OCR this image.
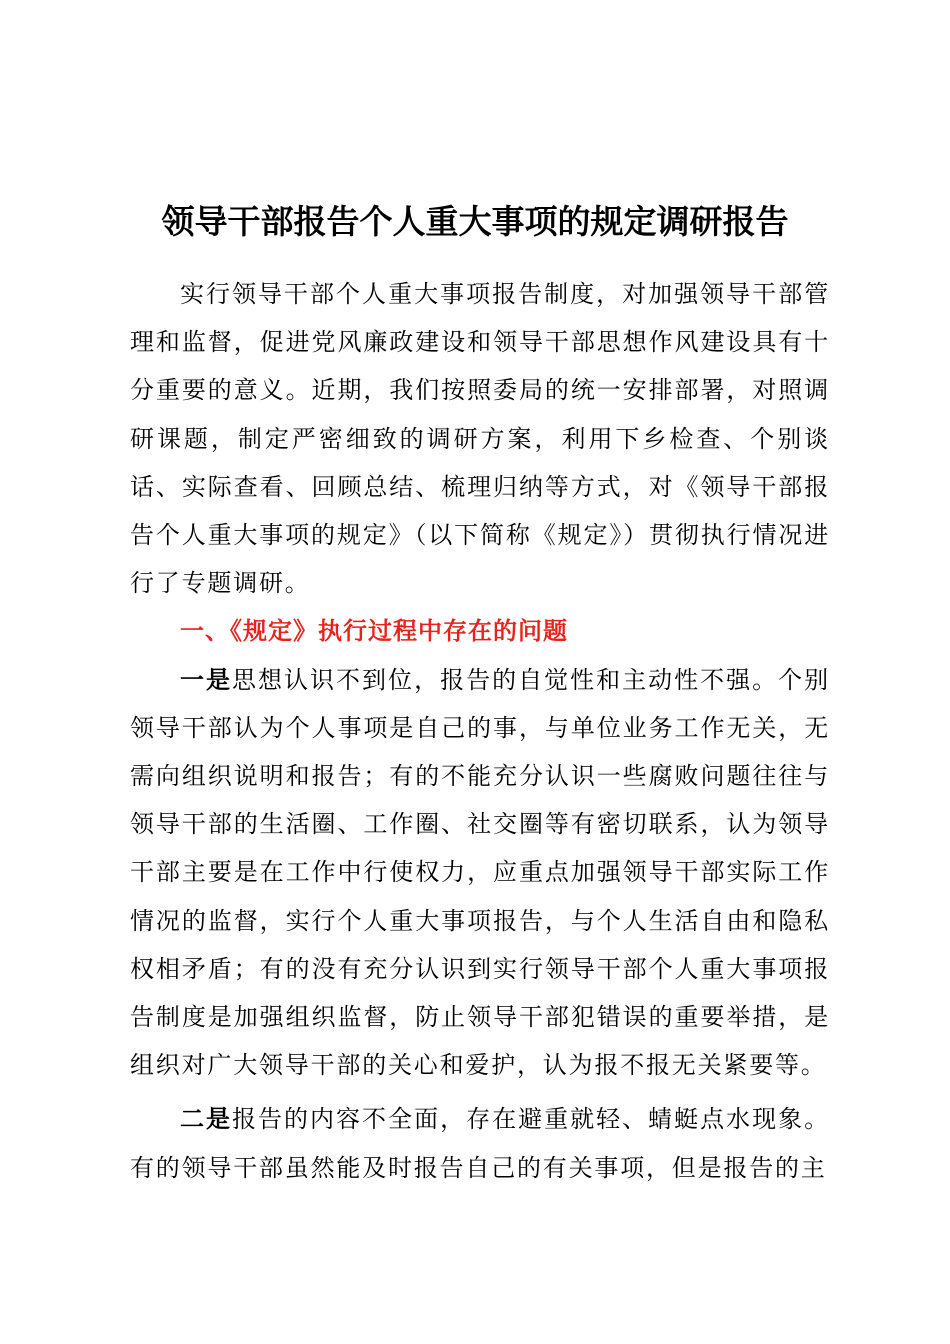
领导干部报告个人重大事项的规定调研报告

实行领导干部个人重大事项报告制度，对加强领导干部管理和监督，促进党风廉政建设和领导干部思想作风建设具有十分重要的意义。近期，我们按照委局的统一安排部署，对照调研课题，制定严密细致的调研方案，利用下乡检查、个别谈话、实际查看、回顾总结、梳理归纳等方式，对《领导干部报告个人重大事项的规定》（以下简称《规定》）贯彻执行情况进行了专题调研。

一、《规定》执行过程中存在的问题

一是思想认识不到位，报告的自觉性和主动性不强。个别领导干部认为个人事项是自己的事，与单位业务工作无关，无需向组织说明和报告；有的不能充分认识一些腐败问题往往与领导干部的生活圈、工作圈、社交圈等有密切联系，认为领导干部主要是在工作中行使权力，应重点加强领导干部实际工作情况的监督，实行个人重大事项报告，与个人生活自由和隐私权相矛盾；有的没有充分认识到实行领导干部个人重大事项报告制度是加强组织监督，防止领导干部犯错误的重要举措，是组织对广大领导干部的关心和爱护，认为报不报无关紧要等。

二是报告的内容不全面，存在避重就轻、蜻蜓点水现象。有的领导干部虽然能及时报告自己的有关事项，但是报告的主
